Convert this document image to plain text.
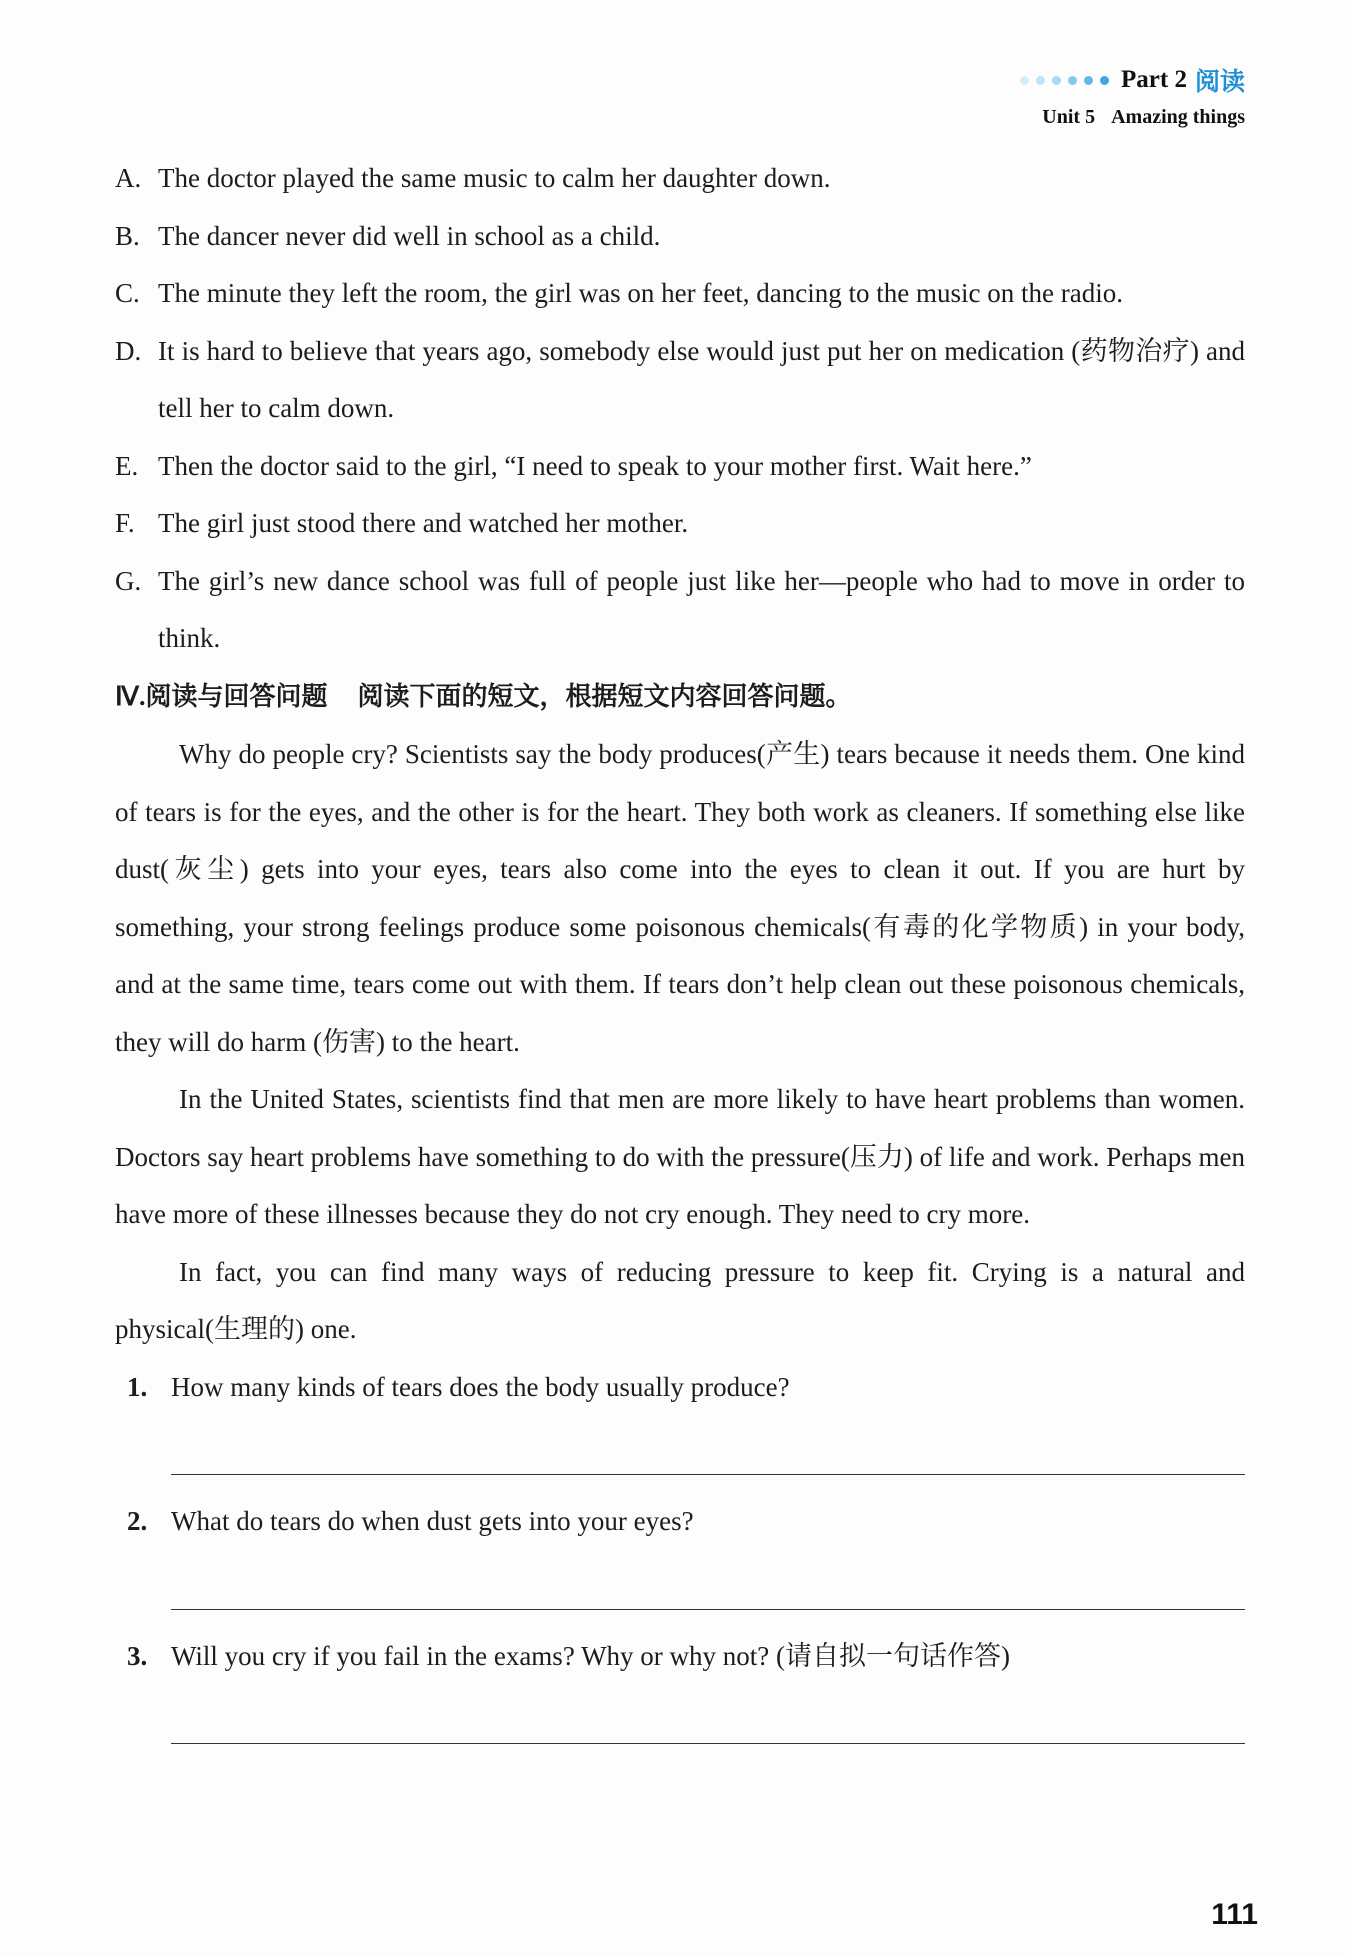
Part 2 阅读
Unit 5 Amazing things
A. The doctor played the same music to calm her daughter down.
B. The dancer never did well in school as a child.
C. The minute they left the room, the girl was on her feet, dancing to the music on the radio.
D. It is hard to believe that years ago, somebody else would just put her on medication (药物治疗) and tell her to calm down.
E. Then the doctor said to the girl, “I need to speak to your mother first. Wait here.”
F. The girl just stood there and watched her mother.
G. The girl’s new dance school was full of people just like her—people who had to move in order to think.
Ⅳ.阅读与回答问题 阅读下面的短文，根据短文内容回答问题。

Why do people cry? Scientists say the body produces(产生) tears because it needs them. One kind of tears is for the eyes, and the other is for the heart. They both work as cleaners. If something else like dust(灰尘) gets into your eyes, tears also come into the eyes to clean it out. If you are hurt by something, your strong feelings produce some poisonous chemicals(有毒的化学物质) in your body, and at the same time, tears come out with them. If tears don’t help clean out these poisonous chemicals, they will do harm (伤害) to the heart.

In the United States, scientists find that men are more likely to have heart problems than women. Doctors say heart problems have something to do with the pressure(压力) of life and work. Perhaps men have more of these illnesses because they do not cry enough. They need to cry more.

In fact, you can find many ways of reducing pressure to keep fit. Crying is a natural and physical(生理的) one.

1. How many kinds of tears does the body usually produce?
2. What do tears do when dust gets into your eyes?
3. Will you cry if you fail in the exams? Why or why not? (请自拟一句话作答)
111
